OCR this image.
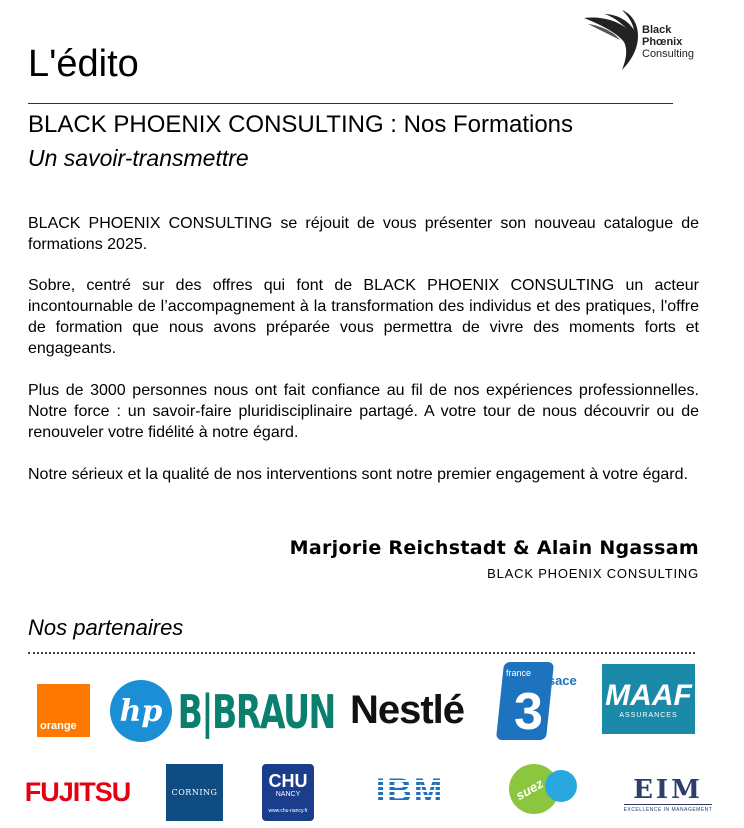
L'édito
Black
Phœnix
Consulting
BLACK PHOENIX CONSULTING : Nos Formations
Un savoir-transmettre

BLACK PHOENIX CONSULTING se réjouit de vous présenter son nouveau catalogue de formations 2025.

Sobre, centré sur des offres qui font de BLACK PHOENIX CONSULTING un acteur incontournable de l’accompagnement à la transformation des individus et des pratiques, l'offre de formation que nous avons préparée vous permettra de vivre des moments forts et engageants.

Plus de 3000 personnes nous ont fait confiance au fil de nos expériences professionnelles. Notre force : un savoir-faire pluridisciplinaire partagé. A votre tour de nous découvrir ou de renouveler votre fidélité à notre égard.

Notre sérieux et la qualité de nos interventions sont notre premier engagement à votre égard.

Marjorie Reichstadt & Alain Ngassam
BLACK PHOENIX CONSULTING
Nos partenaires
orange hp B|BRAUN Nestlé
france
3
alsace MAAF
ASSURANCES
FUJITSU	CORNING
CHU
NANCY
www.chu-nancy.fr
IBM	suez	EIM
EXCELLENCE IN MANAGEMENT
